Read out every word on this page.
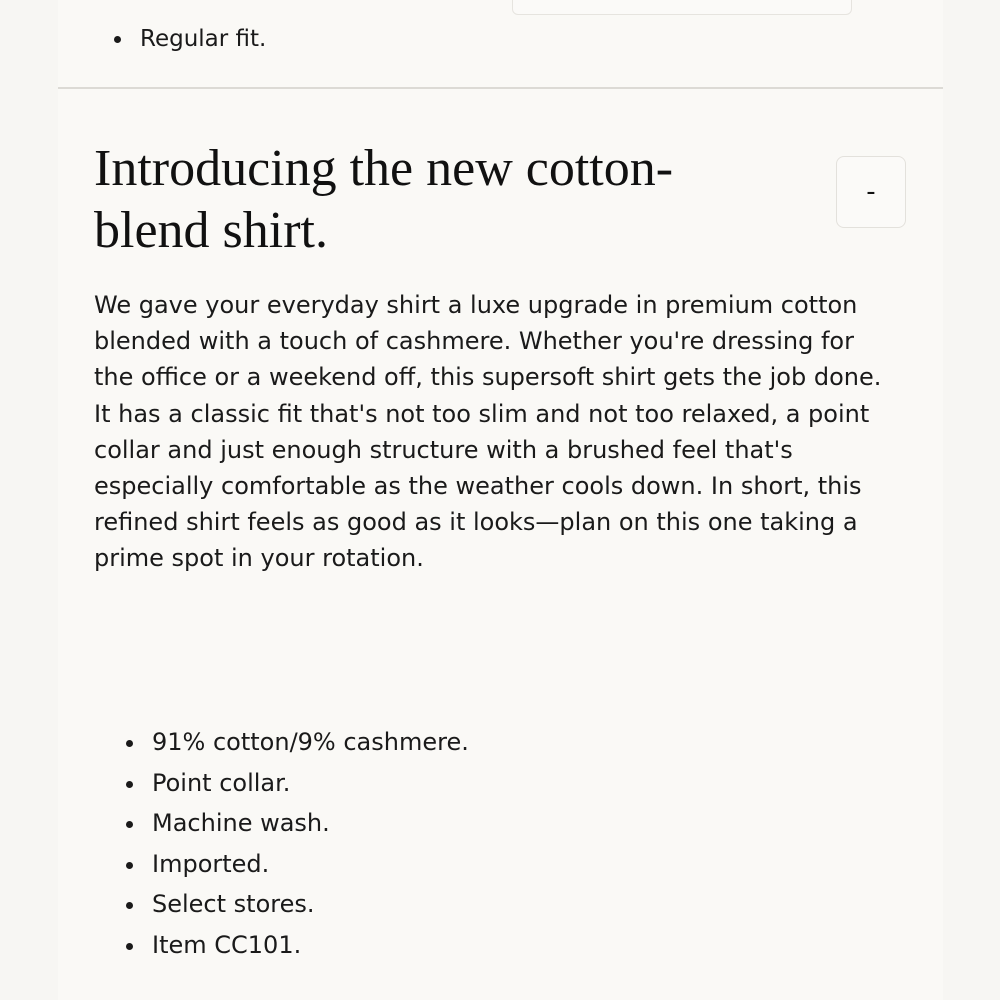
Regular fit.
Introducing the new cotton-blend shirt.
-

We gave your everyday shirt a luxe upgrade in premium cotton blended with a touch of cashmere. Whether you're dressing for the office or a weekend off, this supersoft shirt gets the job done. It has a classic fit that's not too slim and not too relaxed, a point collar and just enough structure with a brushed feel that's especially comfortable as the weather cools down. In short, this refined shirt feels as good as it looks—plan on this one taking a prime spot in your rotation.

91% cotton/9% cashmere.
Point collar.
Machine wash.
Imported.
Select stores.
Item CC101.
